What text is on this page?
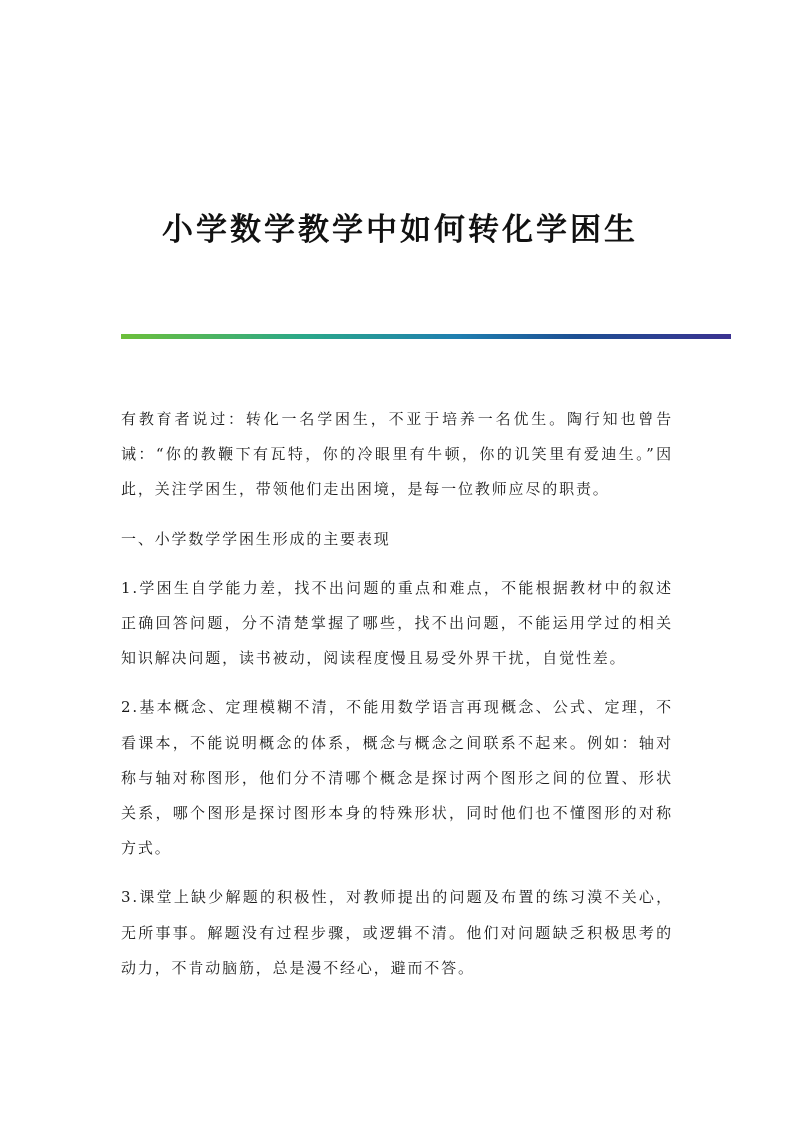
小学数学教学中如何转化学困生

有教育者说过：转化一名学困生，不亚于培养一名优生。陶行知也曾告诫：“你的教鞭下有瓦特，你的冷眼里有牛顿，你的讥笑里有爱迪生。”因此，关注学困生，带领他们走出困境，是每一位教师应尽的职责。

一、小学数学学困生形成的主要表现

1.学困生自学能力差，找不出问题的重点和难点，不能根据教材中的叙述正确回答问题，分不清楚掌握了哪些，找不出问题，不能运用学过的相关知识解决问题，读书被动，阅读程度慢且易受外界干扰，自觉性差。

2.基本概念、定理模糊不清，不能用数学语言再现概念、公式、定理，不看课本，不能说明概念的体系，概念与概念之间联系不起来。例如：轴对称与轴对称图形，他们分不清哪个概念是探讨两个图形之间的位置、形状关系，哪个图形是探讨图形本身的特殊形状，同时他们也不懂图形的对称方式。

3.课堂上缺少解题的积极性，对教师提出的问题及布置的练习漠不关心，无所事事。解题没有过程步骤，或逻辑不清。他们对问题缺乏积极思考的动力，不肯动脑筋，总是漫不经心，避而不答。
